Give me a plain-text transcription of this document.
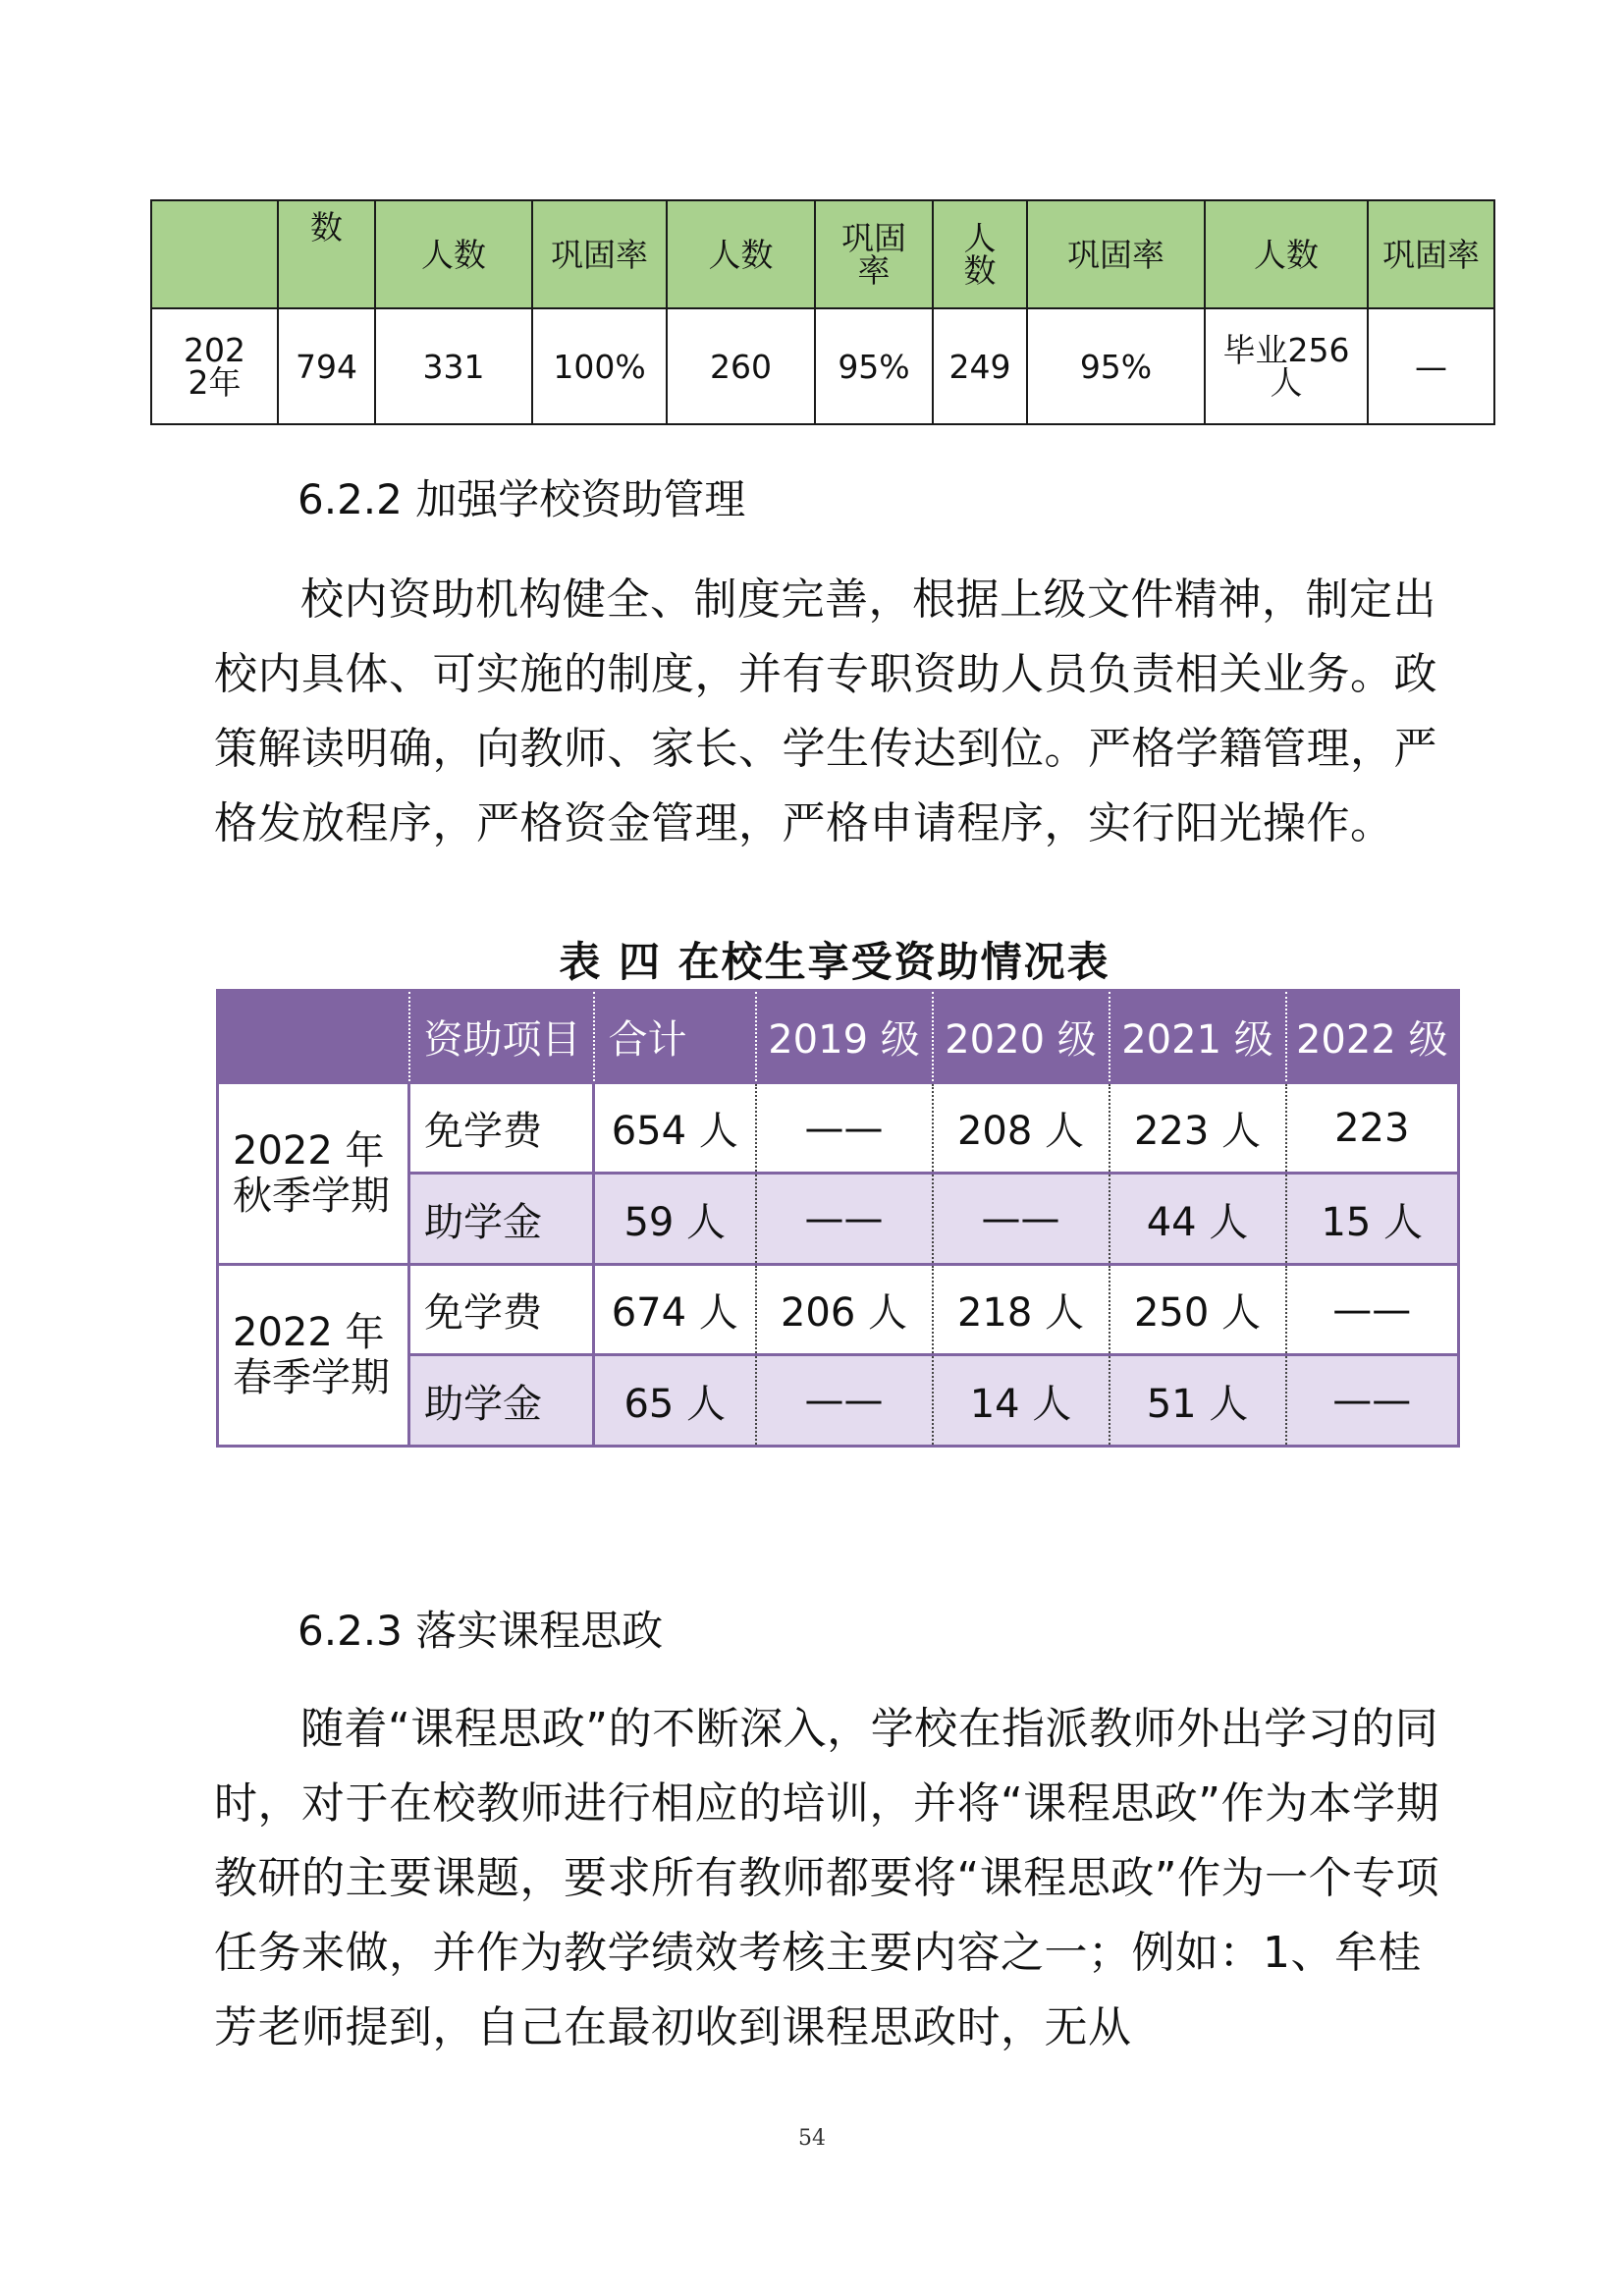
	数	人数	巩固率	人数	巩固率	人数	巩固率	人数	巩固率
2022年	794	331	100%	260	95%	249	95%	毕业256人	—
6.2.2 加强学校资助管理

校内资助机构健全、制度完善，根据上级文件精神，制定出校内具体、可实施的制度，并有专职资助人员负责相关业务。政策解读明确，向教师、家长、学生传达到位。严格学籍管理，严格发放程序，严格资金管理，严格申请程序，实行阳光操作。

表 四 在校生享受资助情况表
	资助项目	合计	2019 级	2020 级	2021 级	2022 级
2022 年
秋季学期	免学费	654 人	——	208 人	223 人	223
	助学金	59 人	——	——	44 人	15 人
2022 年
春季学期	免学费	674 人	206 人	218 人	250 人	——
	助学金	65 人	——	14 人	51 人	——
6.2.3 落实课程思政

随着“课程思政”的不断深入，学校在指派教师外出学习的同时，对于在校教师进行相应的培训，并将“课程思政”作为本学期教研的主要课题，要求所有教师都要将“课程思政”作为一个专项任务来做，并作为教学绩效考核主要内容之一；例如：1、牟桂芳老师提到，自己在最初收到课程思政时，无从

54
